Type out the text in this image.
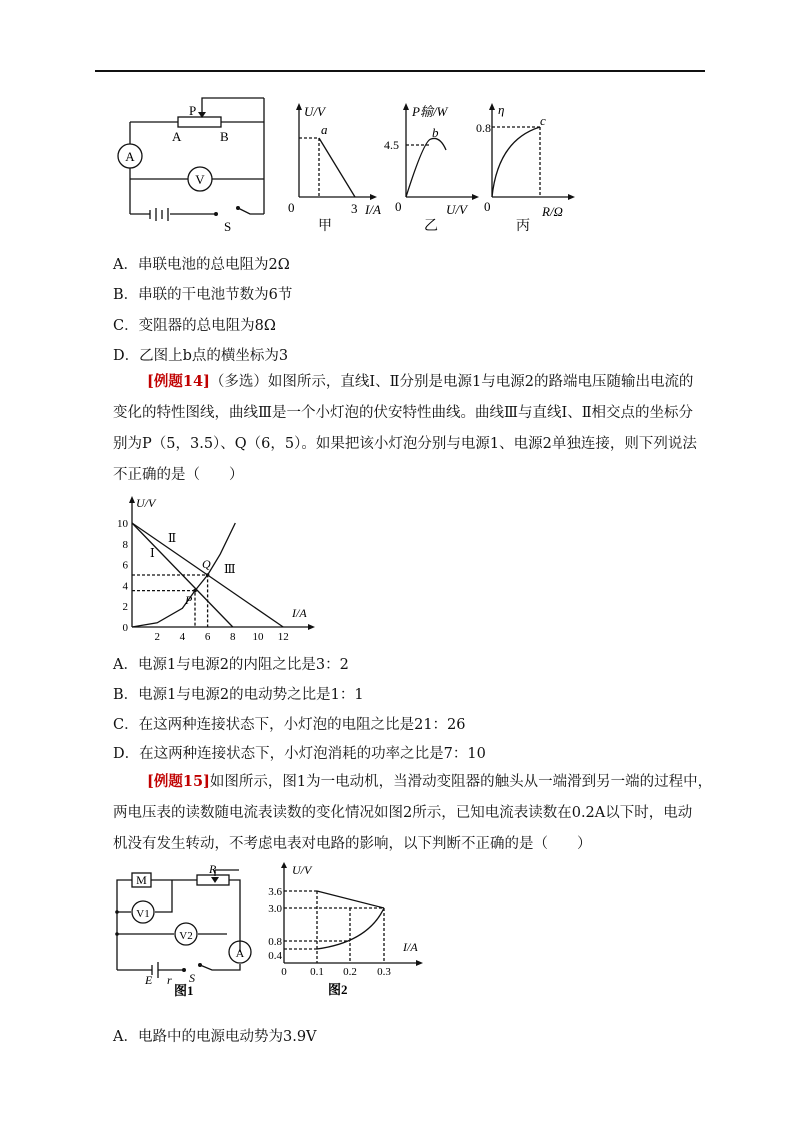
P
A	B
A
V
S
U/V
a
0	3 I/A
甲
P输/W
b
4.5
0	U/V
乙
η
c
0.8
0	R/Ω
丙
A．串联电池的总电阻为2Ω
B．串联的干电池节数为6节
C．变阻器的总电阻为8Ω
D．乙图上b点的横坐标为3
[例题14]（多选）如图所示，直线Ⅰ、Ⅱ分别是电源1与电源2的路端电压随输出电流的
变化的特性图线，曲线Ⅲ是一个小灯泡的伏安特性曲线。曲线Ⅲ与直线Ⅰ、Ⅱ相交点的坐标分
别为P（5，3.5）、Q（6，5）。如果把该小灯泡分别与电源1、电源2单独连接，则下列说法
不正确的是（　　）
2 4 6 8 10 12
10
8
6
4
2
0
U/V
I/A
Ⅰ
Ⅱ
Ⅲ
P
Q
A．电源1与电源2的内阻之比是3：2
B．电源1与电源2的电动势之比是1：1
C．在这两种连接状态下，小灯泡的电阻之比是21：26
D．在这两种连接状态下，小灯泡消耗的功率之比是7：10
[例题15]如图所示，图1为一电动机，当滑动变阻器的触头从一端滑到另一端的过程中，
两电压表的读数随电流表读数的变化情况如图2所示，已知电流表读数在0.2A以下时，电动
机没有发生转动，不考虑电表对电路的影响，以下判断不正确的是（　　）
M
R
V1
V2
A
E r S
图1
U/V
I/A
3.6
3.0
0.8
0.4
0 0.1 0.2 0.3
图2
A．电路中的电源电动势为3.9V
